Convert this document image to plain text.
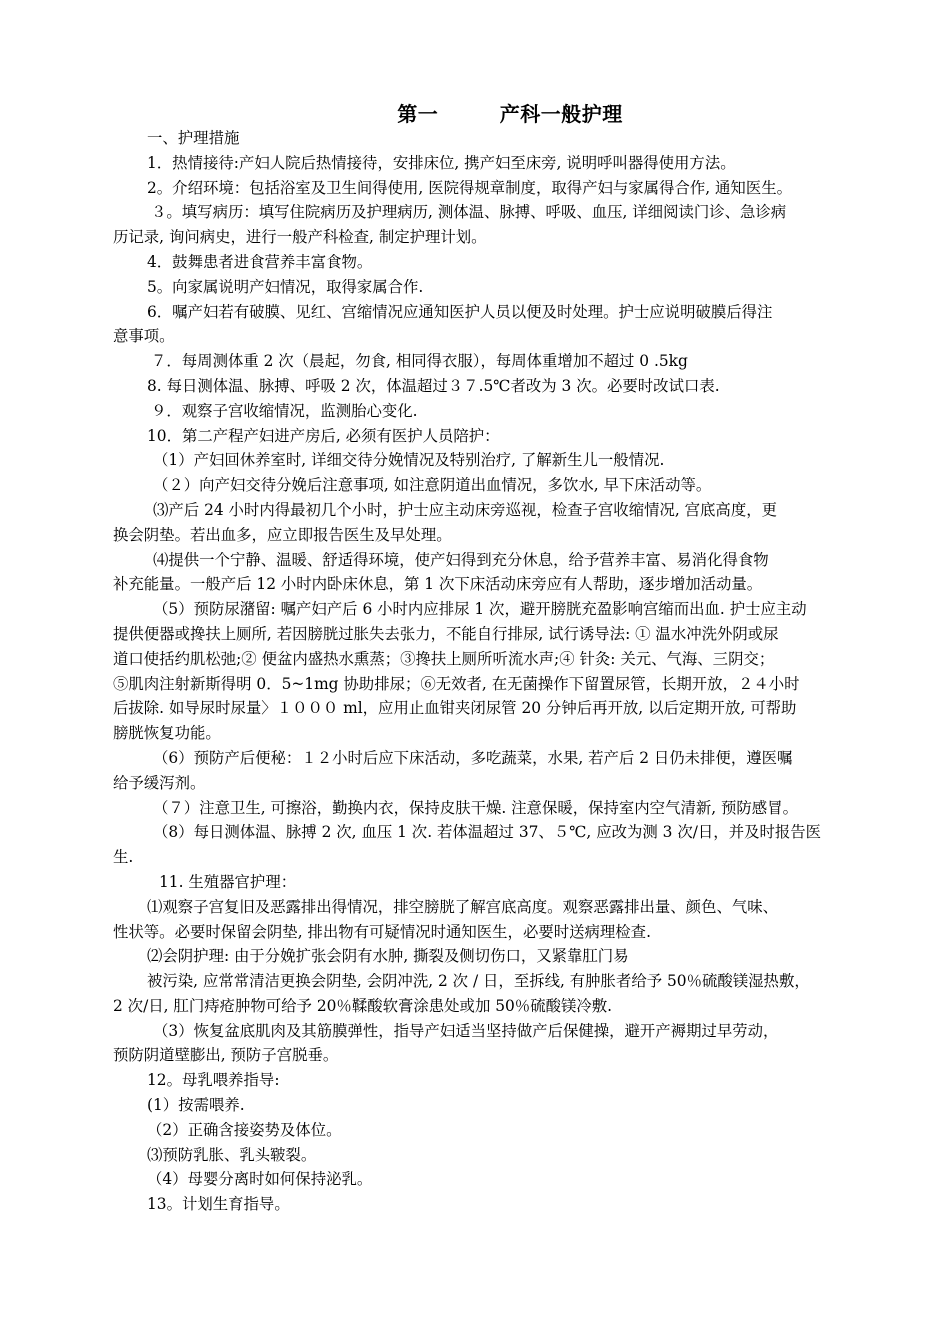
第一　　　产科一般护理
一、护理措施
1．热情接待:产妇人院后热情接待，安排床位, 携产妇至床旁, 说明呼叫器得使用方法。
2。介绍环境：包括浴室及卫生间得使用, 医院得规章制度，取得产妇与家属得合作, 通知医生。
３。填写病历：填写住院病历及护理病历, 测体温、脉搏、呼吸、血压, 详细阅读门诊、急诊病
历记录, 询问病史，进行一般产科检查, 制定护理计划。
4．鼓舞患者进食营养丰富食物。
5。向家属说明产妇情况，取得家属合作.
6．嘱产妇若有破膜、见红、宫缩情况应通知医护人员以便及时处理。护士应说明破膜后得注
意事项。
７．每周测体重 2 次（晨起，勿食, 相同得衣服），每周体重增加不超过 0 .5kg
8. 每日测体温、脉搏、呼吸 2 次，体温超过３７.5℃者改为 3 次。必要时改试口表.
９．观察子宫收缩情况，监测胎心变化.
10．第二产程产妇进产房后, 必须有医护人员陪护：
（1）产妇回休养室时, 详细交待分娩情况及特别治疗, 了解新生儿一般情况.
（２）向产妇交待分娩后注意事项, 如注意阴道出血情况，多饮水, 早下床活动等。
⑶产后 24 小时内得最初几个小时，护士应主动床旁巡视，检查子宫收缩情况, 宫底高度，更
换会阴垫。若出血多，应立即报告医生及早处理。
⑷提供一个宁静、温暖、舒适得环境，使产妇得到充分休息，给予营养丰富、易消化得食物
补充能量。一般产后 12 小时内卧床休息，第 1 次下床活动床旁应有人帮助，逐步增加活动量。
（5）预防尿潴留: 嘱产妇产后 6 小时内应排尿 1 次，避开膀胱充盈影响宫缩而出血. 护士应主动
提供便器或搀扶上厕所, 若因膀胱过胀失去张力，不能自行排尿, 试行诱导法: ① 温水冲洗外阴或尿
道口使括约肌松弛;② 便盆内盛热水熏蒸；③搀扶上厕所听流水声;④ 针灸: 关元、气海、三阴交；
⑤肌肉注射新斯得明 0．5~1mg 协助排尿；⑥无效者, 在无菌操作下留置尿管，长期开放，２４小时
后拔除. 如导尿时尿量〉１０００ ml，应用止血钳夹闭尿管 20 分钟后再开放, 以后定期开放, 可帮助
膀胱恢复功能。
（6）预防产后便秘：１２小时后应下床活动，多吃蔬菜，水果, 若产后 2 日仍未排便，遵医嘱
给予缓泻剂。
（７）注意卫生, 可擦浴，勤换内衣，保持皮肤干燥. 注意保暖，保持室内空气清新, 预防感冒。
（8）每日测体温、脉搏 2 次, 血压 1 次. 若体温超过 37、５℃, 应改为测 3 次/日，并及时报告医
生.
11. 生殖器官护理：
⑴观察子宫复旧及恶露排出得情况，排空膀胱了解宫底高度。观察恶露排出量、颜色、气味、
性状等。必要时保留会阴垫, 排出物有可疑情况时通知医生，必要时送病理检查.
⑵会阴护理: 由于分娩扩张会阴有水肿, 撕裂及侧切伤口，又紧靠肛门易
被污染, 应常常清洁更换会阴垫, 会阴冲洗, 2 次 / 日，至拆线, 有肿胀者给予 50％硫酸镁湿热敷，
2 次/日, 肛门痔疮肿物可给予 20％鞣酸软膏涂患处或加 50％硫酸镁冷敷.
（3）恢复盆底肌肉及其筋膜弹性，指导产妇适当坚持做产后保健操，避开产褥期过早劳动，
预防阴道壁膨出, 预防子宫脱垂。
12。母乳喂养指导:
(1）按需喂养.
（2）正确含接姿势及体位。
⑶预防乳胀、乳头皲裂。
（4）母婴分离时如何保持泌乳。
13。计划生育指导。
